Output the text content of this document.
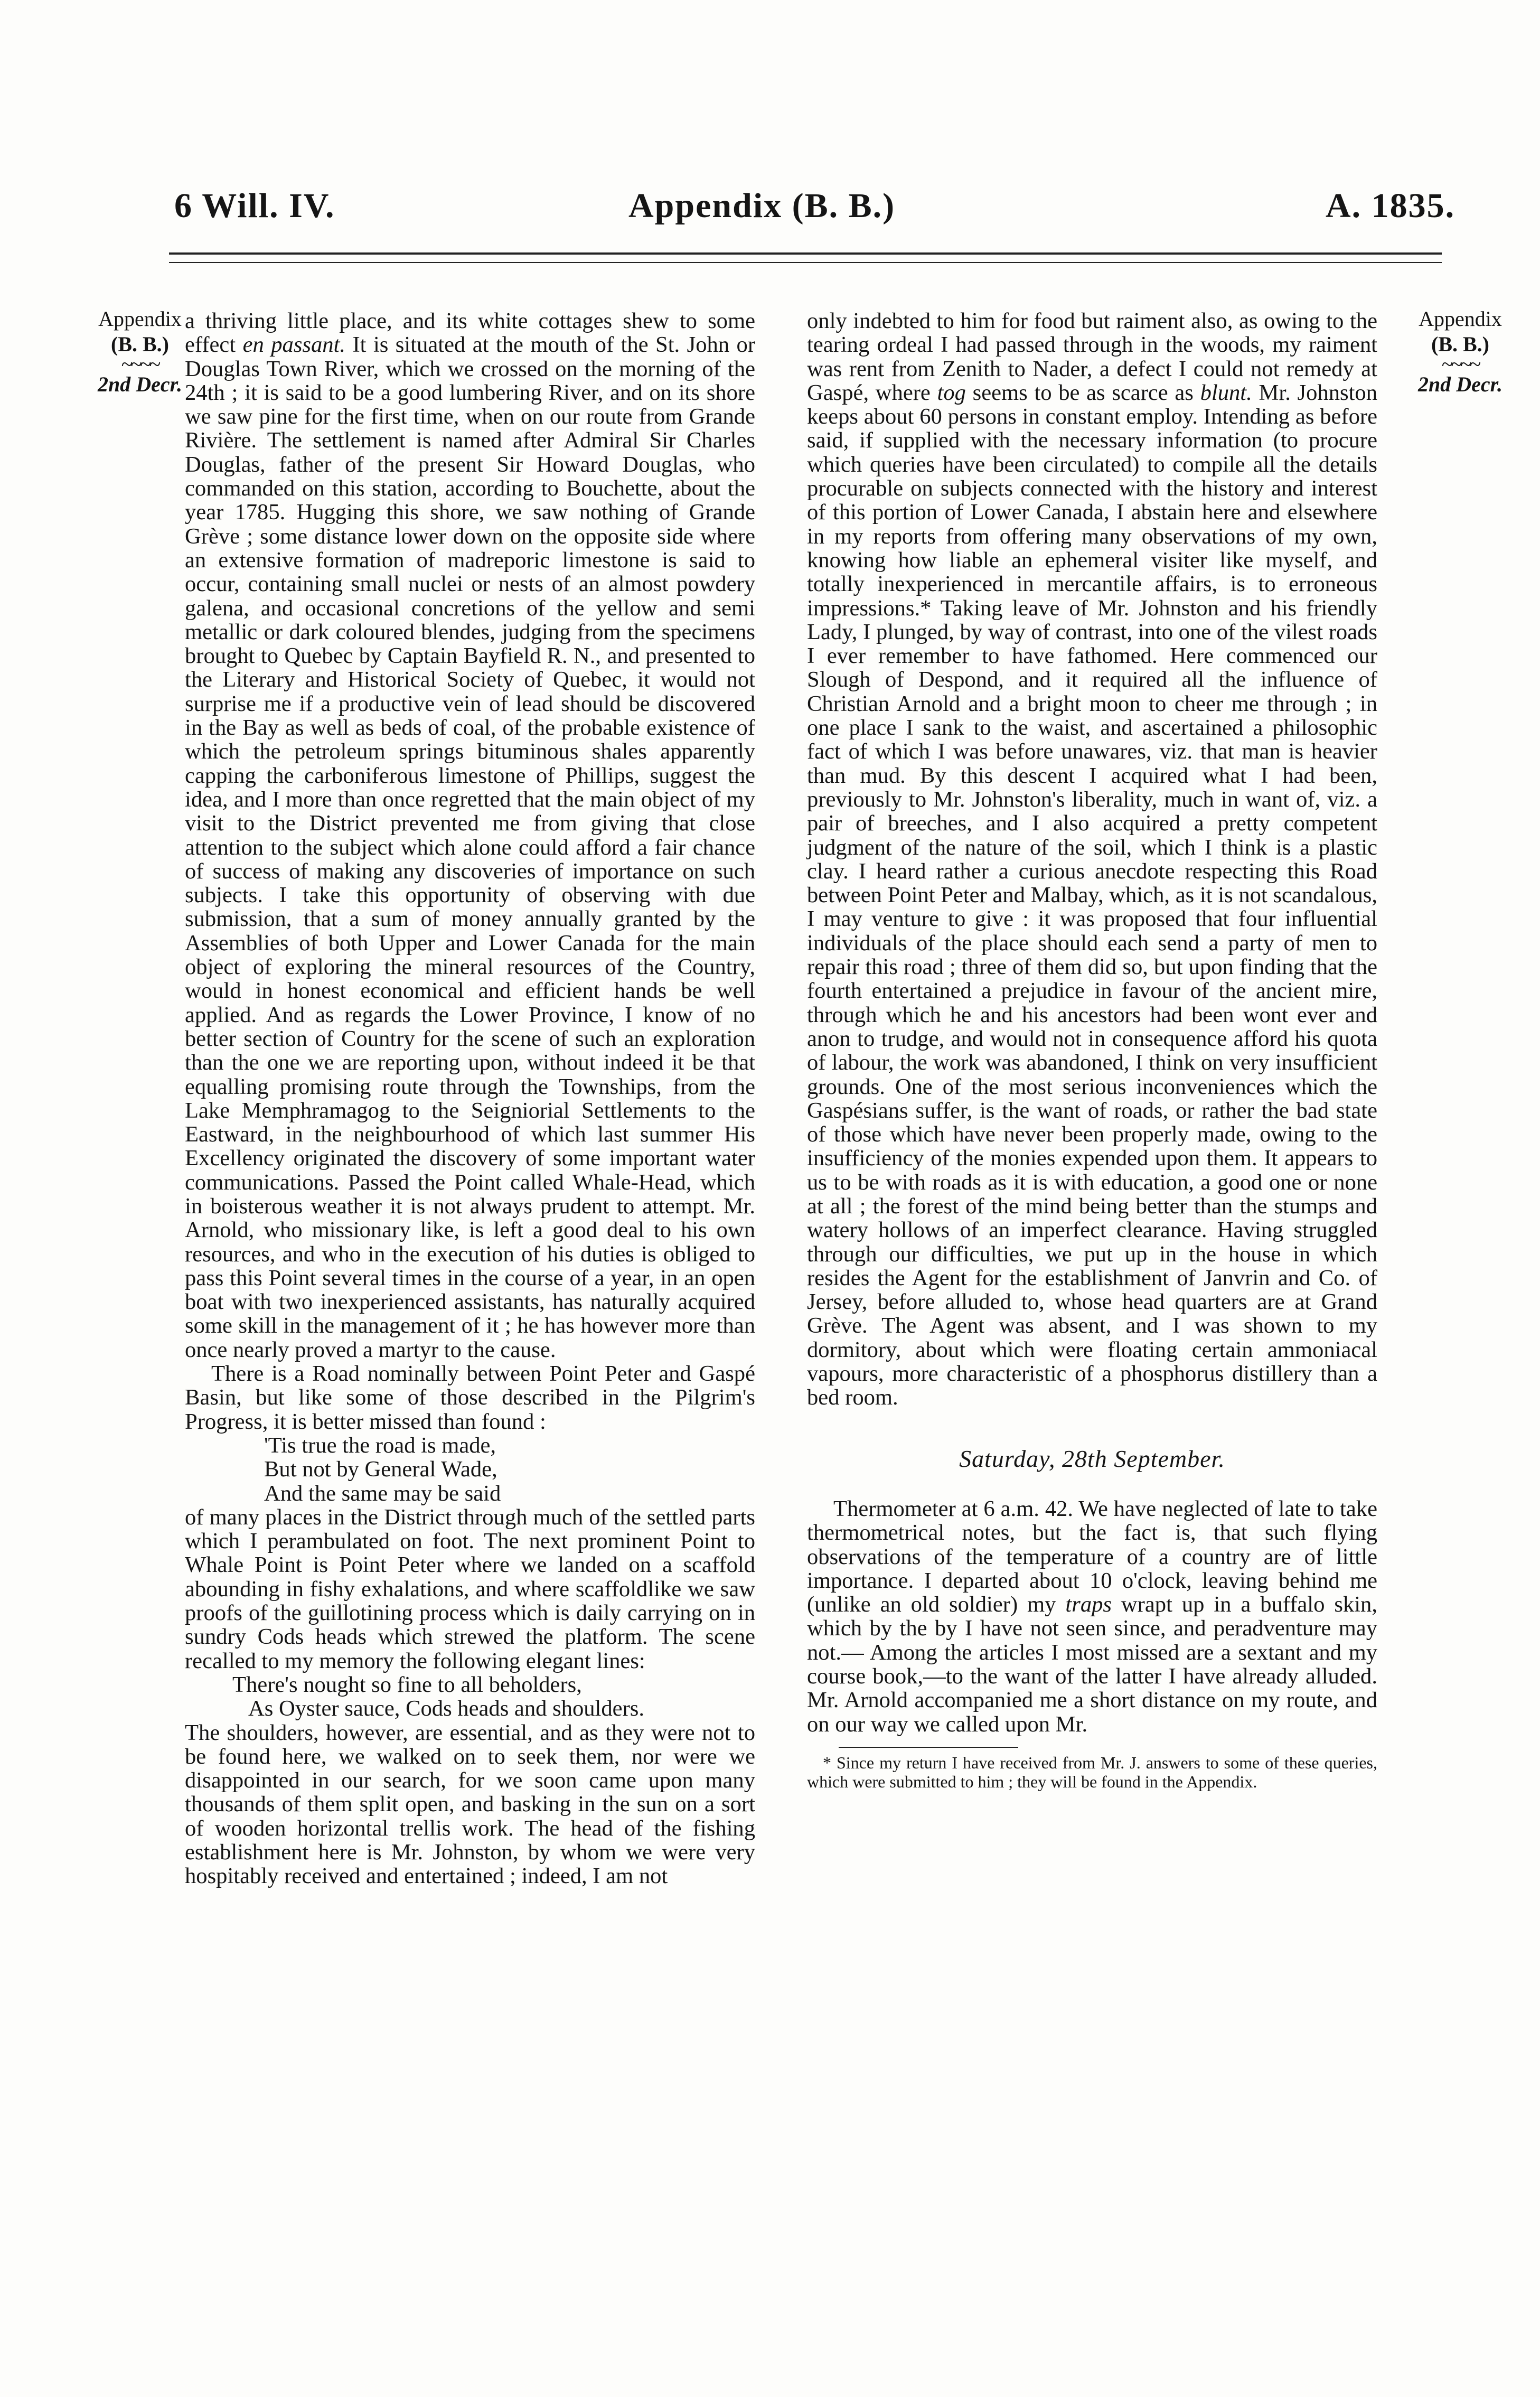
6 Will. IV.	Appendix (B. B.)	A. 1835.
Appendix
(B. B.)
~~~~
2nd Decr.
Appendix
(B. B.)
~~~~
2nd Decr.

a thriving little place, and its white cottages shew to some effect en passant. It is situated at the mouth of the St. John or Douglas Town River, which we crossed on the morning of the 24th ; it is said to be a good lumbering River, and on its shore we saw pine for the first time, when on our route from Grande Rivière. The settlement is named after Admiral Sir Charles Douglas, father of the present Sir Howard Douglas, who commanded on this station, according to Bouchette, about the year 1785. Hugging this shore, we saw nothing of Grande Grève ; some distance lower down on the opposite side where an extensive formation of madreporic limestone is said to occur, containing small nuclei or nests of an almost powdery galena, and occasional concretions of the yellow and semi metallic or dark coloured blendes, judging from the specimens brought to Quebec by Captain Bayfield R. N., and presented to the Literary and Historical Society of Quebec, it would not surprise me if a productive vein of lead should be discovered in the Bay as well as beds of coal, of the probable existence of which the petroleum springs bituminous shales apparently capping the carboniferous limestone of Phillips, suggest the idea, and I more than once regretted that the main object of my visit to the District prevented me from giving that close attention to the subject which alone could afford a fair chance of success of making any discoveries of importance on such subjects. I take this opportunity of observing with due submission, that a sum of money annually granted by the Assemblies of both Upper and Lower Canada for the main object of exploring the mineral resources of the Country, would in honest economical and efficient hands be well applied. And as regards the Lower Province, I know of no better section of Country for the scene of such an exploration than the one we are reporting upon, without indeed it be that equalling promising route through the Townships, from the Lake Memphramagog to the Seigniorial Settlements to the Eastward, in the neighbourhood of which last summer His Excellency originated the discovery of some important water communications. Passed the Point called Whale-Head, which in boisterous weather it is not always prudent to attempt. Mr. Arnold, who missionary like, is left a good deal to his own resources, and who in the execution of his duties is obliged to pass this Point several times in the course of a year, in an open boat with two inexperienced assistants, has naturally acquired some skill in the management of it ; he has however more than once nearly proved a martyr to the cause.

There is a Road nominally between Point Peter and Gaspé Basin, but like some of those described in the Pilgrim's Progress, it is better missed than found :

'Tis true the road is made,
But not by General Wade,
And the same may be said

of many places in the District through much of the settled parts which I perambulated on foot. The next prominent Point to Whale Point is Point Peter where we landed on a scaffold abounding in fishy exhalations, and where scaffoldlike we saw proofs of the guillotining process which is daily carrying on in sundry Cods heads which strewed the platform. The scene recalled to my memory the following elegant lines:

There's nought so fine to all beholders,
As Oyster sauce, Cods heads and shoulders.

The shoulders, however, are essential, and as they were not to be found here, we walked on to seek them, nor were we disappointed in our search, for we soon came upon many thousands of them split open, and basking in the sun on a sort of wooden horizontal trellis work. The head of the fishing establishment here is Mr. Johnston, by whom we were very hospitably received and entertained ; indeed, I am not

only indebted to him for food but raiment also, as owing to the tearing ordeal I had passed through in the woods, my raiment was rent from Zenith to Nader, a defect I could not remedy at Gaspé, where tog seems to be as scarce as blunt. Mr. Johnston keeps about 60 persons in constant employ. Intending as before said, if supplied with the necessary information (to procure which queries have been circulated) to compile all the details procurable on subjects connected with the history and interest of this portion of Lower Canada, I abstain here and elsewhere in my reports from offering many observations of my own, knowing how liable an ephemeral visiter like myself, and totally inexperienced in mercantile affairs, is to erroneous impressions.* Taking leave of Mr. Johnston and his friendly Lady, I plunged, by way of contrast, into one of the vilest roads I ever remember to have fathomed. Here commenced our Slough of Despond, and it required all the influence of Christian Arnold and a bright moon to cheer me through ; in one place I sank to the waist, and ascertained a philosophic fact of which I was before unawares, viz. that man is heavier than mud. By this descent I acquired what I had been, previously to Mr. Johnston's liberality, much in want of, viz. a pair of breeches, and I also acquired a pretty competent judgment of the nature of the soil, which I think is a plastic clay. I heard rather a curious anecdote respecting this Road between Point Peter and Malbay, which, as it is not scandalous, I may venture to give : it was proposed that four influential individuals of the place should each send a party of men to repair this road ; three of them did so, but upon finding that the fourth entertained a prejudice in favour of the ancient mire, through which he and his ancestors had been wont ever and anon to trudge, and would not in consequence afford his quota of labour, the work was abandoned, I think on very insufficient grounds. One of the most serious inconveniences which the Gaspésians suffer, is the want of roads, or rather the bad state of those which have never been properly made, owing to the insufficiency of the monies expended upon them. It appears to us to be with roads as it is with education, a good one or none at all ; the forest of the mind being better than the stumps and watery hollows of an imperfect clearance. Having struggled through our difficulties, we put up in the house in which resides the Agent for the establishment of Janvrin and Co. of Jersey, before alluded to, whose head quarters are at Grand Grève. The Agent was absent, and I was shown to my dormitory, about which were floating certain ammoniacal vapours, more characteristic of a phosphorus distillery than a bed room.

Saturday, 28th September.

Thermometer at 6 a.m. 42. We have neglected of late to take thermometrical notes, but the fact is, that such flying observations of the temperature of a country are of little importance. I departed about 10 o'clock, leaving behind me (unlike an old soldier) my traps wrapt up in a buffalo skin, which by the by I have not seen since, and peradventure may not.— Among the articles I most missed are a sextant and my course book,—to the want of the latter I have already alluded. Mr. Arnold accompanied me a short distance on my route, and on our way we called upon Mr.

* Since my return I have received from Mr. J. answers to some of these queries, which were submitted to him ; they will be found in the Appendix.
